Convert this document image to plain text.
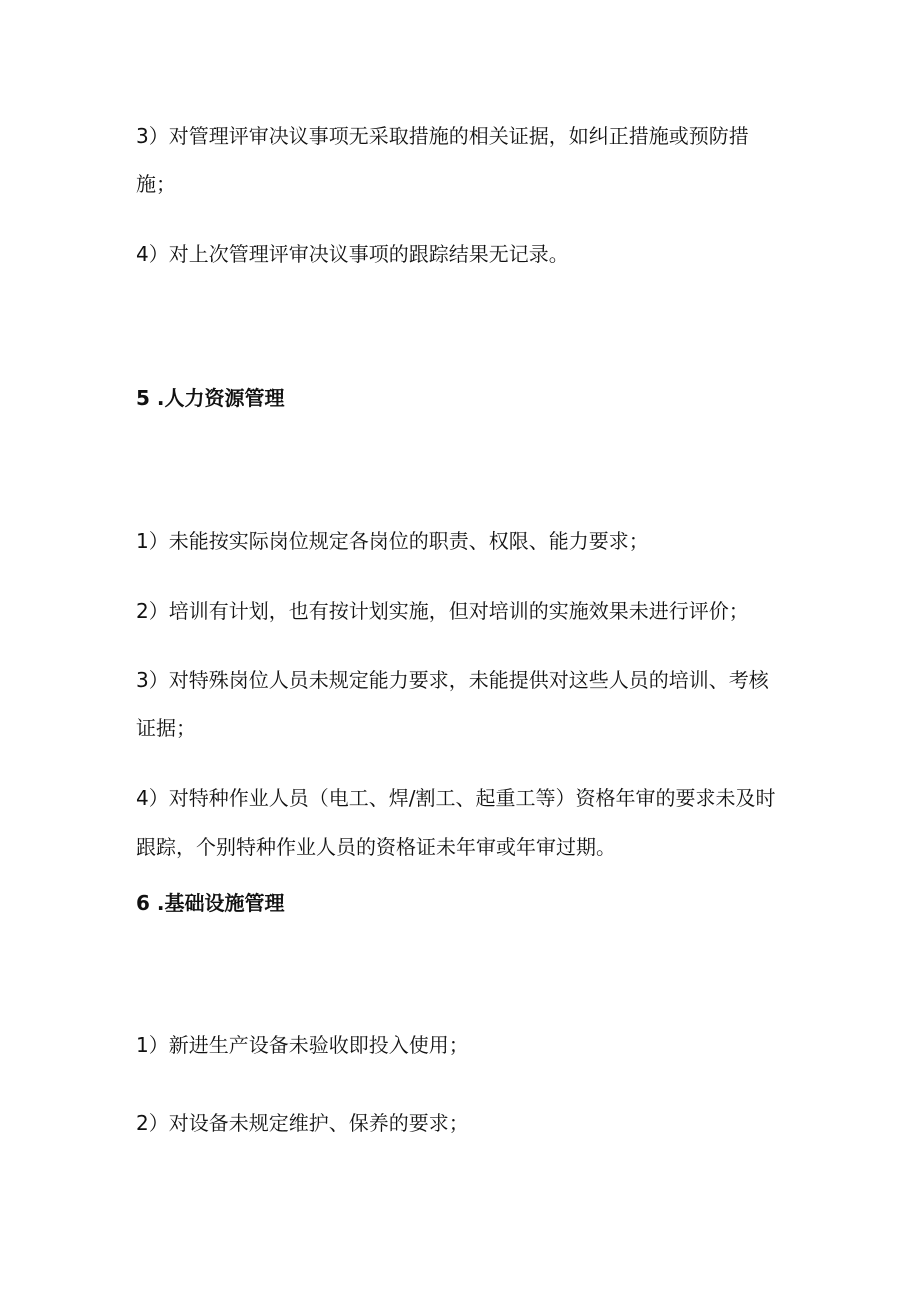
3）对管理评审决议事项无采取措施的相关证据，如纠正措施或预防措

施；

4）对上次管理评审决议事项的跟踪结果无记录。

5 .人力资源管理

1）未能按实际岗位规定各岗位的职责、权限、能力要求；

2）培训有计划，也有按计划实施，但对培训的实施效果未进行评价；

3）对特殊岗位人员未规定能力要求，未能提供对这些人员的培训、考核

证据；

4）对特种作业人员（电工、焊/割工、起重工等）资格年审的要求未及时

跟踪，个别特种作业人员的资格证未年审或年审过期。

6 .基础设施管理

1）新进生产设备未验收即投入使用；

2）对设备未规定维护、保养的要求；
